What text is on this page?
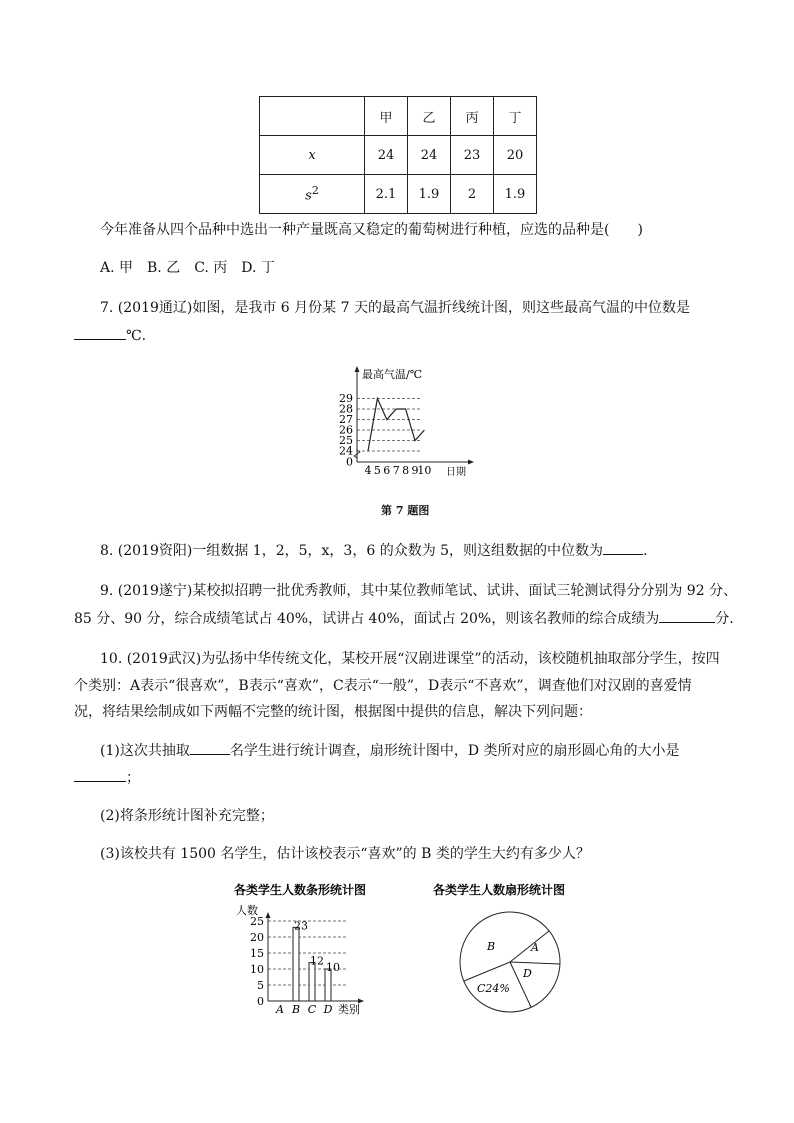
	甲	乙	丙	丁
x	24	24	23	20
$s^2$	2.1	1.9	2	1.9
今年准备从四个品种中选出一种产量既高又稳定的葡萄树进行种植，应选的品种是(　　)
A. 甲　B. 乙　C. 丙　D. 丁
7. (2019通辽)如图，是我市 6 月份某 7 天的最高气温折线统计图，则这些最高气温的中位数是
℃.
最高气温/℃
日期
0
24
25
26
27
28
29
4 5 6 7 8 9
10
第 7 题图
8. (2019资阳)一组数据 1，2，5，x，3，6 的众数为 5，则这组数据的中位数为	.
9. (2019遂宁)某校拟招聘一批优秀教师，其中某位教师笔试、试讲、面试三轮测试得分分别为 92 分、
85 分、90 分，综合成绩笔试占 40%，试讲占 40%，面试占 20%，则该名教师的综合成绩为	分.
10. (2019武汉)为弘扬中华传统文化，某校开展“汉剧进课堂”的活动，该校随机抽取部分学生，按四
个类别：A表示“很喜欢”，B表示“喜欢”，C表示“一般”，D表示“不喜欢”，调查他们对汉剧的喜爱情
况，将结果绘制成如下两幅不完整的统计图，根据图中提供的信息，解决下列问题：
(1)这次共抽取	名学生进行统计调查，扇形统计图中，D 类所对应的扇形圆心角的大小是
；
(2)将条形统计图补充完整；
(3)该校共有 1500 名学生，估计该校表示“喜欢”的 B 类的学生大约有多少人？
各类学生人数条形统计图
人数
类别
0
5
10
15
20
25
A B
23
C
12
D
10
各类学生人数扇形统计图
B	A
D
C24%
